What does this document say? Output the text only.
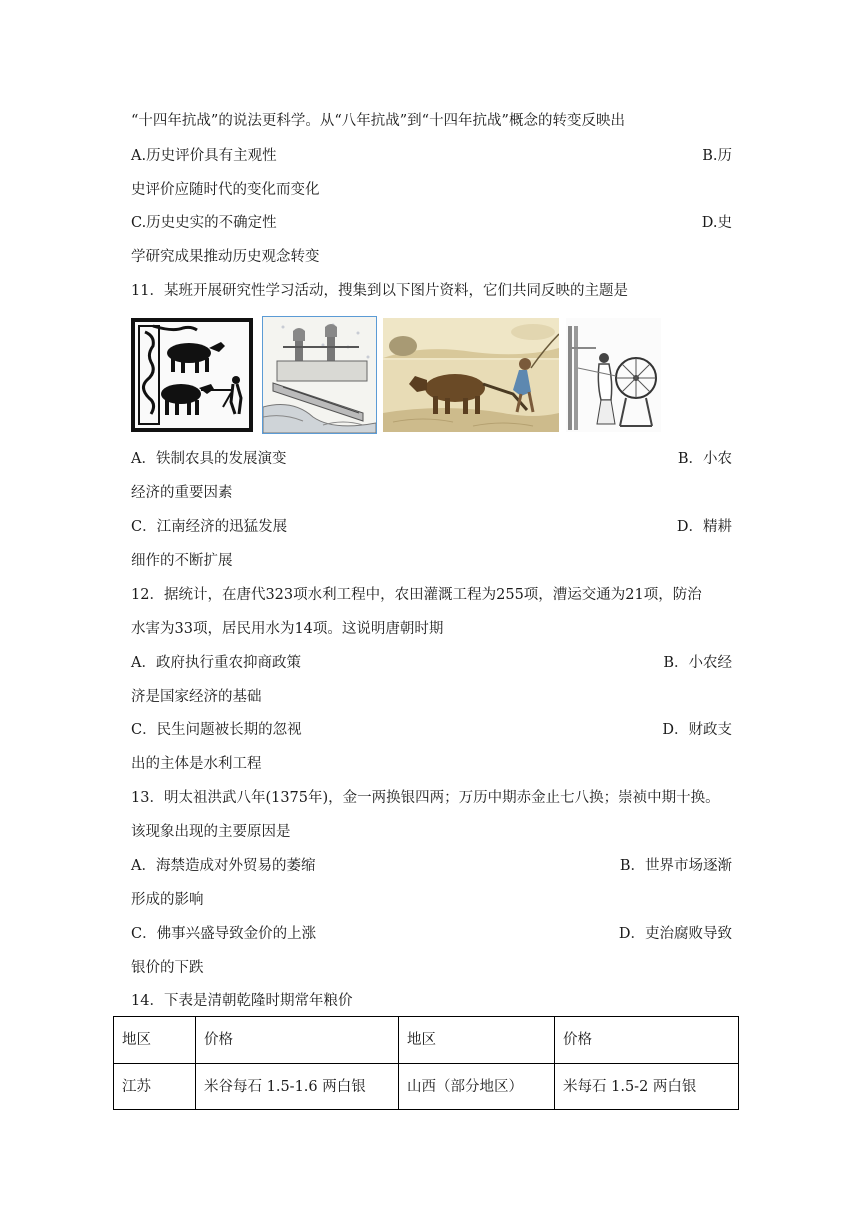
“十四年抗战”的说法更科学。从“八年抗战”到“十四年抗战”概念的转变反映出
A.历史评价具有主观性	B.历
史评价应随时代的变化而变化
C.历史史实的不确定性	D.史
学研究成果推动历史观念转变
11．某班开展研究性学习活动，搜集到以下图片资料，它们共同反映的主题是
A．铁制农具的发展演变	B．小农
经济的重要因素
C．江南经济的迅猛发展	D．精耕
细作的不断扩展
12．据统计，在唐代323项水利工程中，农田灌溉工程为255项，漕运交通为21项，防治
水害为33项，居民用水为14项。这说明唐朝时期
A．政府执行重农抑商政策	B．小农经
济是国家经济的基础
C．民生问题被长期的忽视	D．财政支
出的主体是水利工程
13．明太祖洪武八年(1375年)，金一两换银四两；万历中期赤金止七八换；崇祯中期十换。
该现象出现的主要原因是
A．海禁造成对外贸易的萎缩	B．世界市场逐渐
形成的影响
C．佛事兴盛导致金价的上涨	D．吏治腐败导致
银价的下跌
14．下表是清朝乾隆时期常年粮价
地区	价格	地区	价格
江苏	米谷每石 1.5-1.6 两白银	山西（部分地区）	米每石 1.5-2 两白银
